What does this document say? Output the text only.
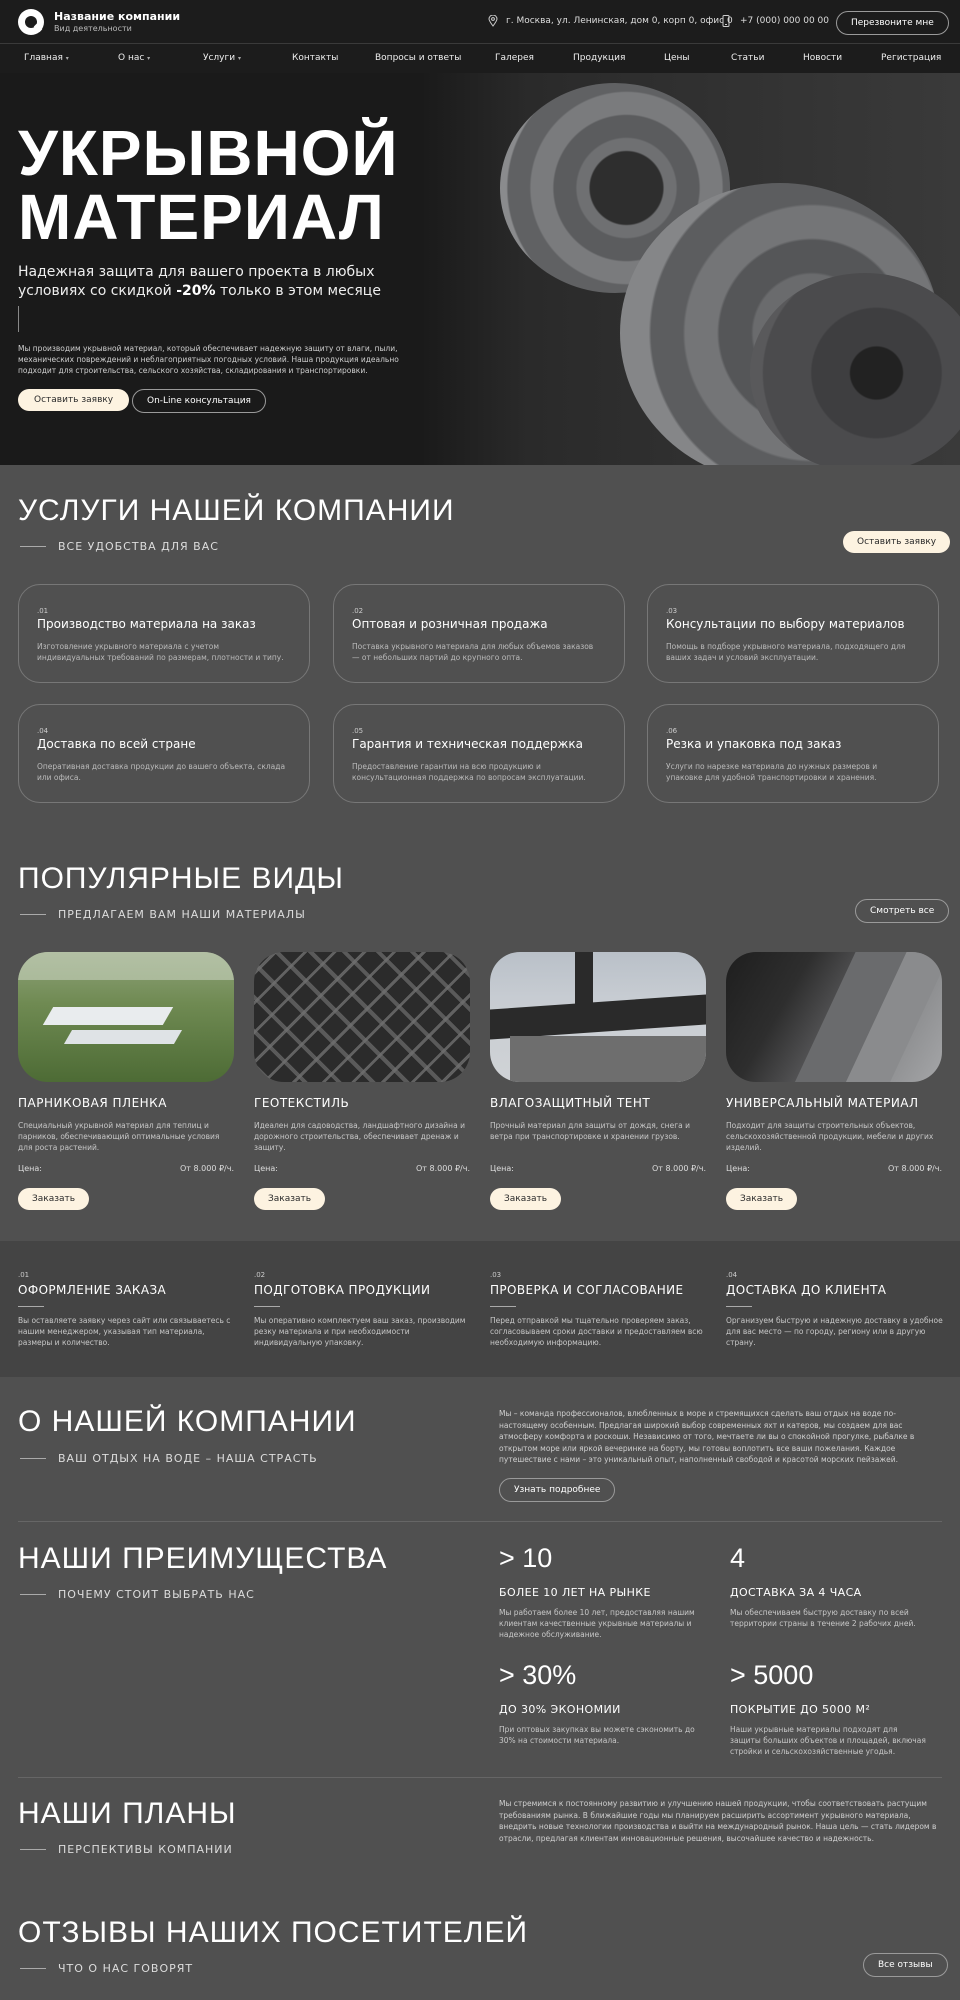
Название компании
Вид деятельности
г. Москва, ул. Ленинская, дом 0, корп 0, офис 0 +7 (000) 000 00 00	Перезвоните мне
Главная ▾	О нас ▾	Услуги ▾	Контакты	Вопросы и ответы	Галерея	Продукция	Цены	Статьи	Новости	Регистрация
УКРЫВНОЙ
МАТЕРИАЛ
Надежная защита для вашего проекта в любых условиях со скидкой -20% только в этом месяце
Мы производим укрывной материал, который обеспечивает надежную защиту от влаги, пыли, механических повреждений и неблагоприятных погодных условий. Наша продукция идеально подходит для строительства, сельского хозяйства, складирования и транспортировки.
Оставить заявку	On-Line консультация
УСЛУГИ НАШЕЙ КОМПАНИИ
ВСЕ УДОБСТВА ДЛЯ ВАС	Оставить заявку
.01
Производство материала на заказ
Изготовление укрывного материала с учетом индивидуальных требований по размерам, плотности и типу.
.02
Оптовая и розничная продажа
Поставка укрывного материала для любых объемов заказов — от небольших партий до крупного опта.
.03
Консультации по выбору материалов
Помощь в подборе укрывного материала, подходящего для ваших задач и условий эксплуатации.
.04
Доставка по всей стране
Оперативная доставка продукции до вашего объекта, склада или офиса.
.05
Гарантия и техническая поддержка
Предоставление гарантии на всю продукцию и консультационная поддержка по вопросам эксплуатации.
.06
Резка и упаковка под заказ
Услуги по нарезке материала до нужных размеров и упаковке для удобной транспортировки и хранения.
ПОПУЛЯРНЫЕ ВИДЫ
ПРЕДЛАГАЕМ ВАМ НАШИ МАТЕРИАЛЫ	Смотреть все
ПАРНИКОВАЯ ПЛЕНКА
Специальный укрывной материал для теплиц и парников, обеспечивающий оптимальные условия для роста растений.
Цена:	От 8.000 ₽/ч.
Заказать
ГЕОТЕКСТИЛЬ
Идеален для садоводства, ландшафтного дизайна и дорожного строительства, обеспечивает дренаж и защиту.
Цена:	От 8.000 ₽/ч.
Заказать
ВЛАГОЗАЩИТНЫЙ ТЕНТ
Прочный материал для защиты от дождя, снега и ветра при транспортировке и хранении грузов.
Цена:	От 8.000 ₽/ч.
Заказать
УНИВЕРСАЛЬНЫЙ МАТЕРИАЛ
Подходит для защиты строительных объектов, сельскохозяйственной продукции, мебели и других изделий.
Цена:	От 8.000 ₽/ч.
Заказать
.01
ОФОРМЛЕНИЕ ЗАКАЗА
Вы оставляете заявку через сайт или связываетесь с нашим менеджером, указывая тип материала, размеры и количество.
.02
ПОДГОТОВКА ПРОДУКЦИИ
Мы оперативно комплектуем ваш заказ, производим резку материала и при необходимости индивидуальную упаковку.
.03
ПРОВЕРКА И СОГЛАСОВАНИЕ
Перед отправкой мы тщательно проверяем заказ, согласовываем сроки доставки и предоставляем всю необходимую информацию.
.04
ДОСТАВКА ДО КЛИЕНТА
Организуем быструю и надежную доставку в удобное для вас место — по городу, региону или в другую страну.
О НАШЕЙ КОМПАНИИ
ВАШ ОТДЫХ НА ВОДЕ – НАША СТРАСТЬ
Мы – команда профессионалов, влюбленных в море и стремящихся сделать ваш отдых на воде по-настоящему особенным. Предлагая широкий выбор современных яхт и катеров, мы создаем для вас атмосферу комфорта и роскоши. Независимо от того, мечтаете ли вы о спокойной прогулке, рыбалке в открытом море или яркой вечеринке на борту, мы готовы воплотить все ваши пожелания. Каждое путешествие с нами – это уникальный опыт, наполненный свободой и красотой морских пейзажей.
Узнать подробнее
НАШИ ПРЕИМУЩЕСТВА
ПОЧЕМУ СТОИТ ВЫБРАТЬ НАС
> 10
БОЛЕЕ 10 ЛЕТ НА РЫНКЕ
Мы работаем более 10 лет, предоставляя нашим клиентам качественные укрывные материалы и надежное обслуживание.
4
ДОСТАВКА ЗА 4 ЧАСА
Мы обеспечиваем быструю доставку по всей территории страны в течение 2 рабочих дней.
> 30%
ДО 30% ЭКОНОМИИ
При оптовых закупках вы можете сэкономить до 30% на стоимости материала.
> 5000
ПОКРЫТИЕ ДО 5000 М²
Наши укрывные материалы подходят для защиты больших объектов и площадей, включая стройки и сельскохозяйственные угодья.
НАШИ ПЛАНЫ
ПЕРСПЕКТИВЫ КОМПАНИИ
Мы стремимся к постоянному развитию и улучшению нашей продукции, чтобы соответствовать растущим требованиям рынка. В ближайшие годы мы планируем расширить ассортимент укрывного материала, внедрить новые технологии производства и выйти на международный рынок. Наша цель — стать лидером в отрасли, предлагая клиентам инновационные решения, высочайшее качество и надежность.
ОТЗЫВЫ НАШИХ ПОСЕТИТЕЛЕЙ
ЧТО О НАС ГОВОРЯТ	Все отзывы
